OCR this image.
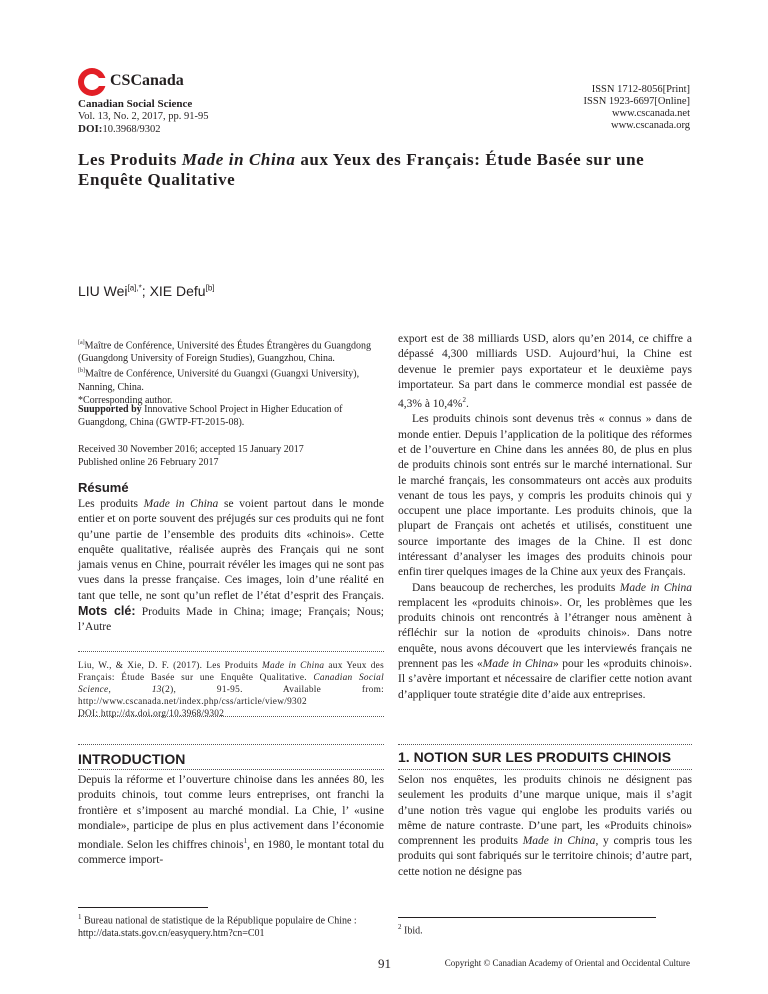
CSCanada
Canadian Social Science
Vol. 13, No. 2, 2017, pp. 91-95
DOI:10.3968/9302
ISSN 1712-8056[Print]
ISSN 1923-6697[Online]
www.cscanada.net
www.cscanada.org
Les Produits Made in China aux Yeux des Français: Étude Basée sur une Enquête Qualitative
LIU Wei$^{[a],*}$; XIE Defu[b]

[a]Maître de Conférence, Université des Études Étrangères du Guangdong (Guangdong University of Foreign Studies), Guangzhou, China.

[b]Maître de Conférence, Université du Guangxi (Guangxi University), Nanning, China.

*Corresponding author.

Suupported by Innovative School Project in Higher Education of Guangdong, China (GWTP-FT-2015-08).

Received 30 November 2016; accepted 15 January 2017

Published online 26 February 2017

Résumé
Les produits Made in China se voient partout dans le monde entier et on porte souvent des préjugés sur ces produits qui ne font qu’une partie de l’ensemble des produits dits «chinois». Cette enquête qualitative, réalisée auprès des Français qui ne sont jamais venus en Chine, pourrait révéler les images qui ne sont pas vues dans la presse française. Ces images, loin d’une réalité en tant que telle, ne sont qu’un reflet de l’état d’esprit des Français. Mots clé: Produits Made in China; image; Français; Nous; l’Autre
Liu, W., & Xie, D. F. (2017). Les Produits Made in China aux Yeux des Français: Étude Basée sur une Enquête Qualitative. Canadian Social Science, 13(2), 91-95. Available from: http://www.cscanada.net/index.php/css/article/view/9302
DOI: http://dx.doi.org/10.3968/9302
INTRODUCTION
Depuis la réforme et l’ouverture chinoise dans les années 80, les produits chinois, tout comme leurs entreprises, ont franchi la frontière et s’imposent au marché mondial. La Chie, l’ «usine mondiale», participe de plus en plus activement dans l’économie mondiale. Selon les chiffres chinois$^1$, en 1980, le montant total du commerce import-
$^1$ Bureau national de statistique de la République populaire de Chine : http://data.stats.gov.cn/easyquery.htm?cn=C01

export est de 38 milliards USD, alors qu’en 2014, ce chiffre a dépassé 4,300 milliards USD. Aujourd’hui, la Chine est devenue le premier pays exportateur et le deuxième pays importateur. Sa part dans le commerce mondial est passée de 4,3% à 10,4%$^2$.

Les produits chinois sont devenus très « connus » dans de monde entier. Depuis l’application de la politique des réformes et de l’ouverture en Chine dans les années 80, de plus en plus de produits chinois sont entrés sur le marché international. Sur le marché français, les consommateurs ont accès aux produits venant de tous les pays, y compris les produits chinois qui y occupent une place importante. Les produits chinois, que la plupart de Français ont achetés et utilisés, constituent une source importante des images de la Chine. Il est donc intéressant d’analyser les images des produits chinois pour enfin tirer quelques images de la Chine aux yeux des Français.

Dans beaucoup de recherches, les produits Made in China remplacent les «produits chinois». Or, les problèmes que les produits chinois ont rencontrés à l’étranger nous amènent à réfléchir sur la notion de «produits chinois». Dans notre enquête, nous avons découvert que les interviewés français ne prennent pas les «Made in China» pour les «produits chinois». Il s’avère important et nécessaire de clarifier cette notion avant d’appliquer toute stratégie dite d’aide aux entreprises.

1. NOTION SUR LES PRODUITS CHINOIS
Selon nos enquêtes, les produits chinois ne désignent pas seulement les produits d’une marque unique, mais il s’agit d’une notion très vague qui englobe les produits variés ou même de nature contraste. D’une part, les «Produits chinois» comprennent les produits Made in China, y compris tous les produits qui sont fabriqués sur le territoire chinois; d’autre part, cette notion ne désigne pas
$^2$ Ibid.
91	Copyright © Canadian Academy of Oriental and Occidental Culture
